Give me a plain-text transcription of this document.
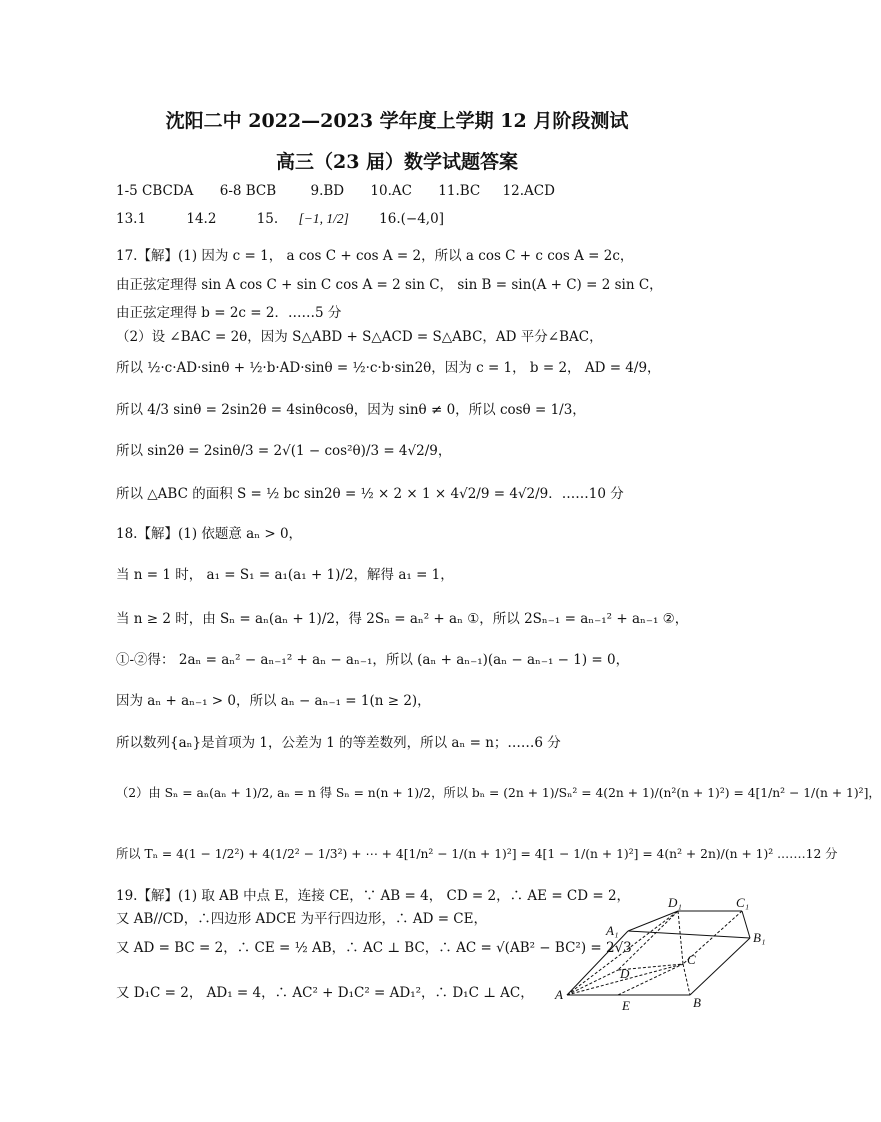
沈阳二中 2022—2023 学年度上学期 12 月阶段测试
高三（23 届）数学试题答案
1-5 CBCDA 6-8 BCB	9.BD 10.AC 11.BC 12.ACD
13.1	14.2	15. [−1, 1/2] 16.(−4,0]
17.【解】(1) 因为 c = 1， a cos C + cos A = 2，所以 a cos C + c cos A = 2c，
由正弦定理得 sin A cos C + sin C cos A = 2 sin C， sin B = sin(A + C) = 2 sin C，
由正弦定理得 b = 2c = 2．……5 分
（2）设 ∠BAC = 2θ，因为 S△ABD + S△ACD = S△ABC，AD 平分∠BAC，
所以 ½·c·AD·sinθ + ½·b·AD·sinθ = ½·c·b·sin2θ，因为 c = 1， b = 2， AD = 4/9，
所以 4/3 sinθ = 2sin2θ = 4sinθcosθ，因为 sinθ ≠ 0，所以 cosθ = 1/3，
所以 sin2θ = 2sinθ/3 = 2√(1 − cos²θ)/3 = 4√2/9，
所以 △ABC 的面积 S = ½ bc sin2θ = ½ × 2 × 1 × 4√2/9 = 4√2/9．……10 分
18.【解】(1) 依题意 aₙ > 0，
当 n = 1 时， a₁ = S₁ = a₁(a₁ + 1)/2，解得 a₁ = 1，
当 n ≥ 2 时，由 Sₙ = aₙ(aₙ + 1)/2，得 2Sₙ = aₙ² + aₙ ①，所以 2Sₙ₋₁ = aₙ₋₁² + aₙ₋₁ ②，
①-②得： 2aₙ = aₙ² − aₙ₋₁² + aₙ − aₙ₋₁，所以 (aₙ + aₙ₋₁)(aₙ − aₙ₋₁ − 1) = 0，
因为 aₙ + aₙ₋₁ > 0，所以 aₙ − aₙ₋₁ = 1(n ≥ 2)，
所以数列{aₙ}是首项为 1，公差为 1 的等差数列，所以 aₙ = n；……6 分
（2）由 Sₙ = aₙ(aₙ + 1)/2, aₙ = n 得 Sₙ = n(n + 1)/2，所以 bₙ = (2n + 1)/Sₙ² = 4(2n + 1)/(n²(n + 1)²) = 4[1/n² − 1/(n + 1)²]，
所以 Tₙ = 4(1 − 1/2²) + 4(1/2² − 1/3²) + ⋯ + 4[1/n² − 1/(n + 1)²] = 4[1 − 1/(n + 1)²] = 4(n² + 2n)/(n + 1)² .……12 分
19.【解】(1) 取 AB 中点 E，连接 CE，∵ AB = 4， CD = 2，∴ AE = CD = 2，
又 AB//CD，∴四边形 ADCE 为平行四边形，∴ AD = CE，
又 AD = BC = 2，∴ CE = ½ AB，∴ AC ⊥ BC，∴ AC = √(AB² − BC²) = 2√3
又 D₁C = 2， AD₁ = 4，∴ AC² + D₁C² = AD₁²，∴ D₁C ⊥ AC，
D₁	C₁
A₁	B₁
D
C
A
E	B
